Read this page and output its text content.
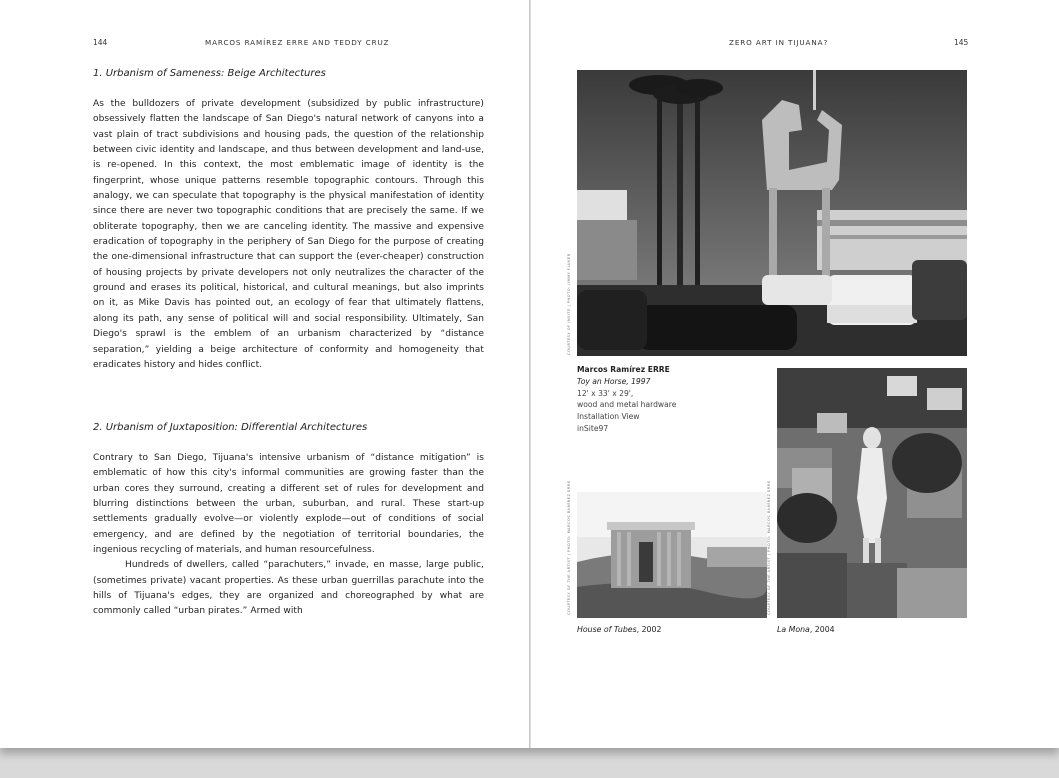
144	MARCOS RAMÍREZ ERRE AND TEDDY CRUZ
1. Urbanism of Sameness: Beige Architectures

As the bulldozers of private development (subsidized by public infrastructure) obsessively flatten the landscape of San Diego's natural network of canyons into a vast plain of tract subdivisions and housing pads, the question of the relationship between civic identity and landscape, and thus between development and land-use, is re-opened. In this context, the most emblematic image of identity is the fingerprint, whose unique patterns resemble topographic contours. Through this analogy, we can speculate that topography is the physical manifestation of identity since there are never two topographic conditions that are precisely the same. If we obliterate topography, then we are canceling identity. The massive and expensive eradication of topography in the periphery of San Diego for the purpose of creating the one-dimensional infrastructure that can support the (ever-cheaper) construction of housing projects by private developers not only neutralizes the character of the ground and erases its political, historical, and cultural meanings, but also imprints on it, as Mike Davis has pointed out, an ecology of fear that ultimately flattens, along its path, any sense of political will and social responsibility. Ultimately, San Diego's sprawl is the emblem of an urbanism characterized by “distance separation,” yielding a beige architecture of conformity and homogeneity that eradicates history and hides conflict.

2. Urbanism of Juxtaposition: Differential Architectures

Contrary to San Diego, Tijuana's intensive urbanism of “distance mitigation” is emblematic of how this city's informal communities are growing faster than the urban cores they surround, creating a different set of rules for development and blurring distinctions between the urban, suburban, and rural. These start-up settlements gradually evolve—or violently explode—out of conditions of social emergency, and are defined by the negotiation of territorial boundaries, the ingenious recycling of materials, and human resourcefulness.

Hundreds of dwellers, called “parachuters,” invade, en masse, large public, (sometimes private) vacant properties. As these urban guerrillas parachute into the hills of Tijuana's edges, they are organized and choreographed by what are commonly called “urban pirates.” Armed with

ZERO ART IN TIJUANA?	145
COURTESY OF INSITE | PHOTO: JIMMY FLUKER
Marcos Ramírez ERRE
Toy an Horse, 1997
12' x 33' x 29',
wood and metal hardware
Installation View
inSite97
COURTESY OF THE ARTIST | PHOTO: MARCOS RAMÍREZ ERRE
House of Tubes, 2002
COURTESY OF THE ARTIST | PHOTO: MARCOS RAMÍREZ ERRE
La Mona, 2004
